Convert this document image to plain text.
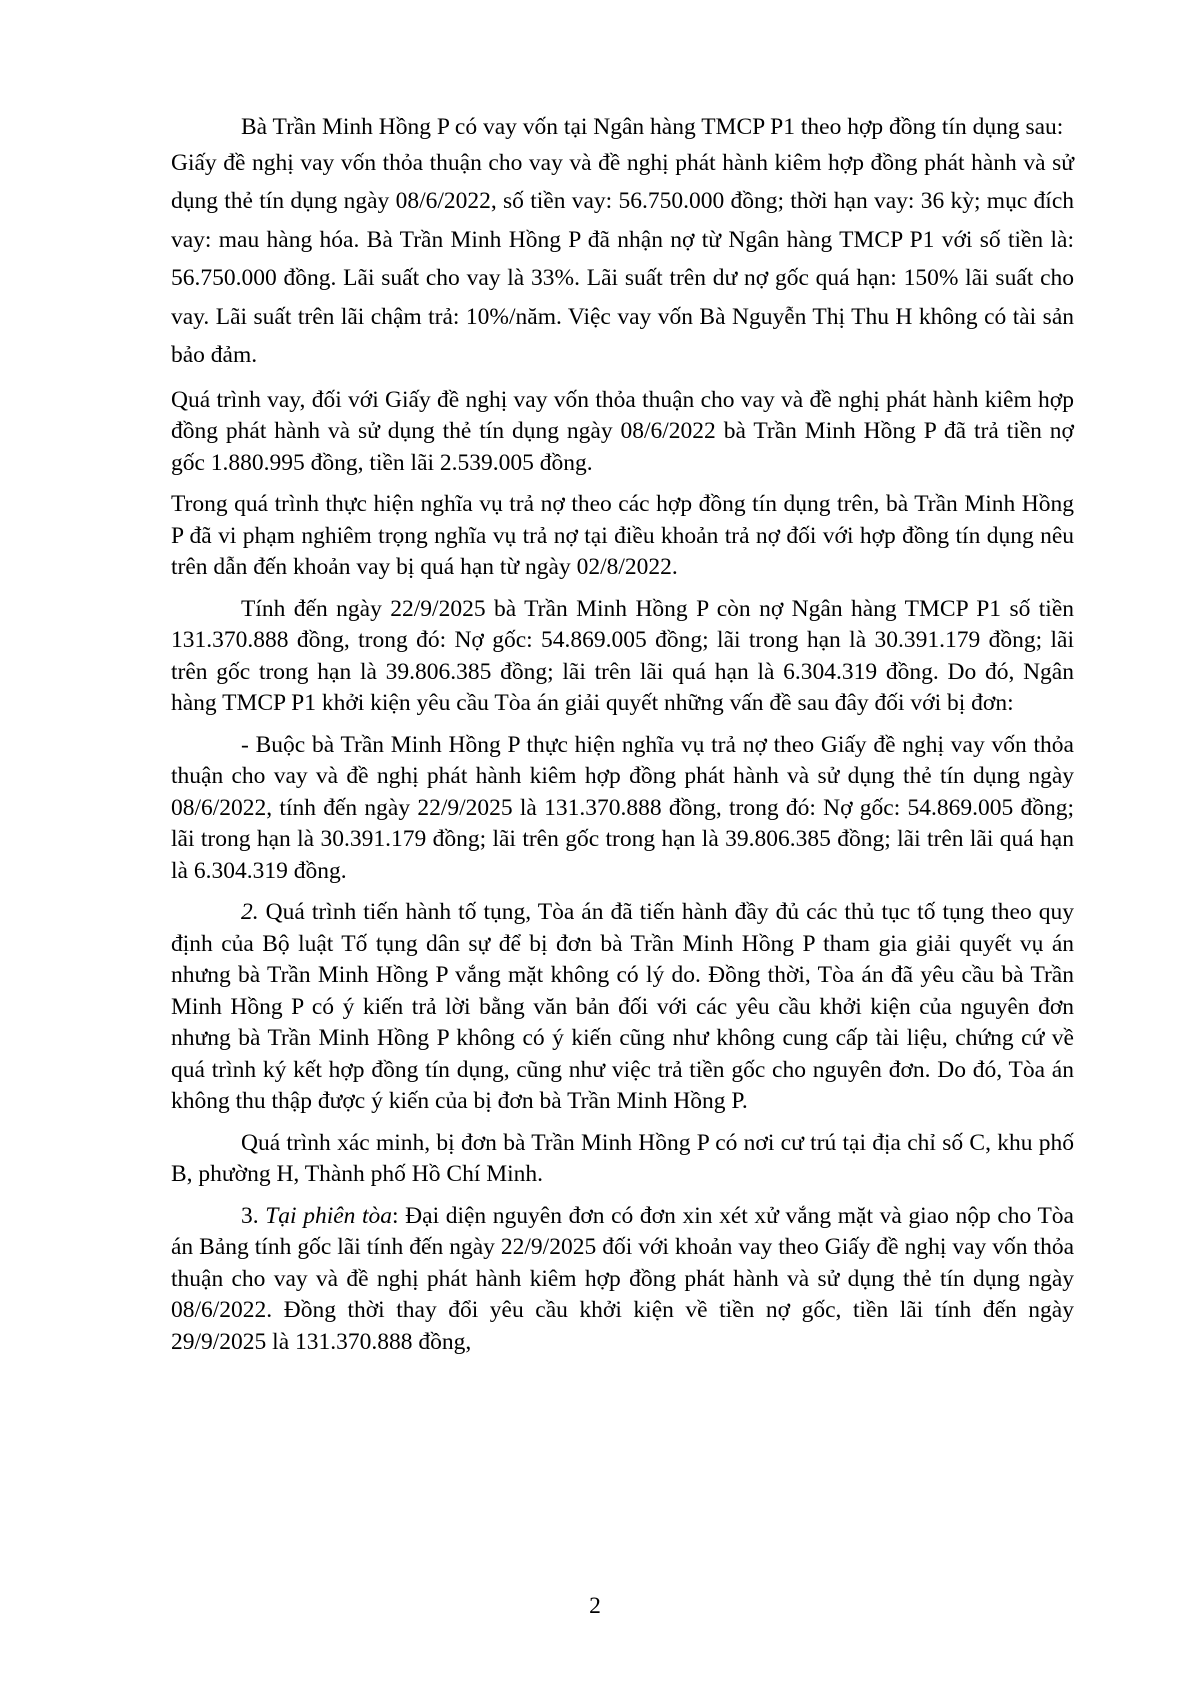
Bà Trần Minh Hồng P có vay vốn tại Ngân hàng TMCP P1 theo hợp đồng tín dụng sau:

Giấy đề nghị vay vốn thỏa thuận cho vay và đề nghị phát hành kiêm hợp đồng phát hành và sử dụng thẻ tín dụng ngày 08/6/2022, số tiền vay: 56.750.000 đồng; thời hạn vay: 36 kỳ; mục đích vay: mau hàng hóa. Bà Trần Minh Hồng P đã nhận nợ từ Ngân hàng TMCP P1 với số tiền là: 56.750.000 đồng. Lãi suất cho vay là 33%. Lãi suất trên dư nợ gốc quá hạn: 150% lãi suất cho vay. Lãi suất trên lãi chậm trả: 10%/năm. Việc vay vốn Bà Nguyễn Thị Thu H không có tài sản bảo đảm.

Quá trình vay, đối với Giấy đề nghị vay vốn thỏa thuận cho vay và đề nghị phát hành kiêm hợp đồng phát hành và sử dụng thẻ tín dụng ngày 08/6/2022 bà Trần Minh Hồng P đã trả tiền nợ gốc 1.880.995 đồng, tiền lãi 2.539.005 đồng.

Trong quá trình thực hiện nghĩa vụ trả nợ theo các hợp đồng tín dụng trên, bà Trần Minh Hồng P đã vi phạm nghiêm trọng nghĩa vụ trả nợ tại điều khoản trả nợ đối với hợp đồng tín dụng nêu trên dẫn đến khoản vay bị quá hạn từ ngày 02/8/2022.

Tính đến ngày 22/9/2025 bà Trần Minh Hồng P còn nợ Ngân hàng TMCP P1 số tiền 131.370.888 đồng, trong đó: Nợ gốc: 54.869.005 đồng; lãi trong hạn là 30.391.179 đồng; lãi trên gốc trong hạn là 39.806.385 đồng; lãi trên lãi quá hạn là 6.304.319 đồng. Do đó, Ngân hàng TMCP P1 khởi kiện yêu cầu Tòa án giải quyết những vấn đề sau đây đối với bị đơn:

- Buộc bà Trần Minh Hồng P thực hiện nghĩa vụ trả nợ theo Giấy đề nghị vay vốn thỏa thuận cho vay và đề nghị phát hành kiêm hợp đồng phát hành và sử dụng thẻ tín dụng ngày 08/6/2022, tính đến ngày 22/9/2025 là 131.370.888 đồng, trong đó: Nợ gốc: 54.869.005 đồng; lãi trong hạn là 30.391.179 đồng; lãi trên gốc trong hạn là 39.806.385 đồng; lãi trên lãi quá hạn là 6.304.319 đồng.

2. Quá trình tiến hành tố tụng, Tòa án đã tiến hành đầy đủ các thủ tục tố tụng theo quy định của Bộ luật Tố tụng dân sự để bị đơn bà Trần Minh Hồng P tham gia giải quyết vụ án nhưng bà Trần Minh Hồng P vắng mặt không có lý do. Đồng thời, Tòa án đã yêu cầu bà Trần Minh Hồng P có ý kiến trả lời bằng văn bản đối với các yêu cầu khởi kiện của nguyên đơn nhưng bà Trần Minh Hồng P không có ý kiến cũng như không cung cấp tài liệu, chứng cứ về quá trình ký kết hợp đồng tín dụng, cũng như việc trả tiền gốc cho nguyên đơn. Do đó, Tòa án không thu thập được ý kiến của bị đơn bà Trần Minh Hồng P.

Quá trình xác minh, bị đơn bà Trần Minh Hồng P có nơi cư trú tại địa chỉ số C, khu phố B, phường H, Thành phố Hồ Chí Minh.

3. Tại phiên tòa: Đại diện nguyên đơn có đơn xin xét xử vắng mặt và giao nộp cho Tòa án Bảng tính gốc lãi tính đến ngày 22/9/2025 đối với khoản vay theo Giấy đề nghị vay vốn thỏa thuận cho vay và đề nghị phát hành kiêm hợp đồng phát hành và sử dụng thẻ tín dụng ngày 08/6/2022. Đồng thời thay đổi yêu cầu khởi kiện về tiền nợ gốc, tiền lãi tính đến ngày 29/9/2025 là 131.370.888 đồng,

2
